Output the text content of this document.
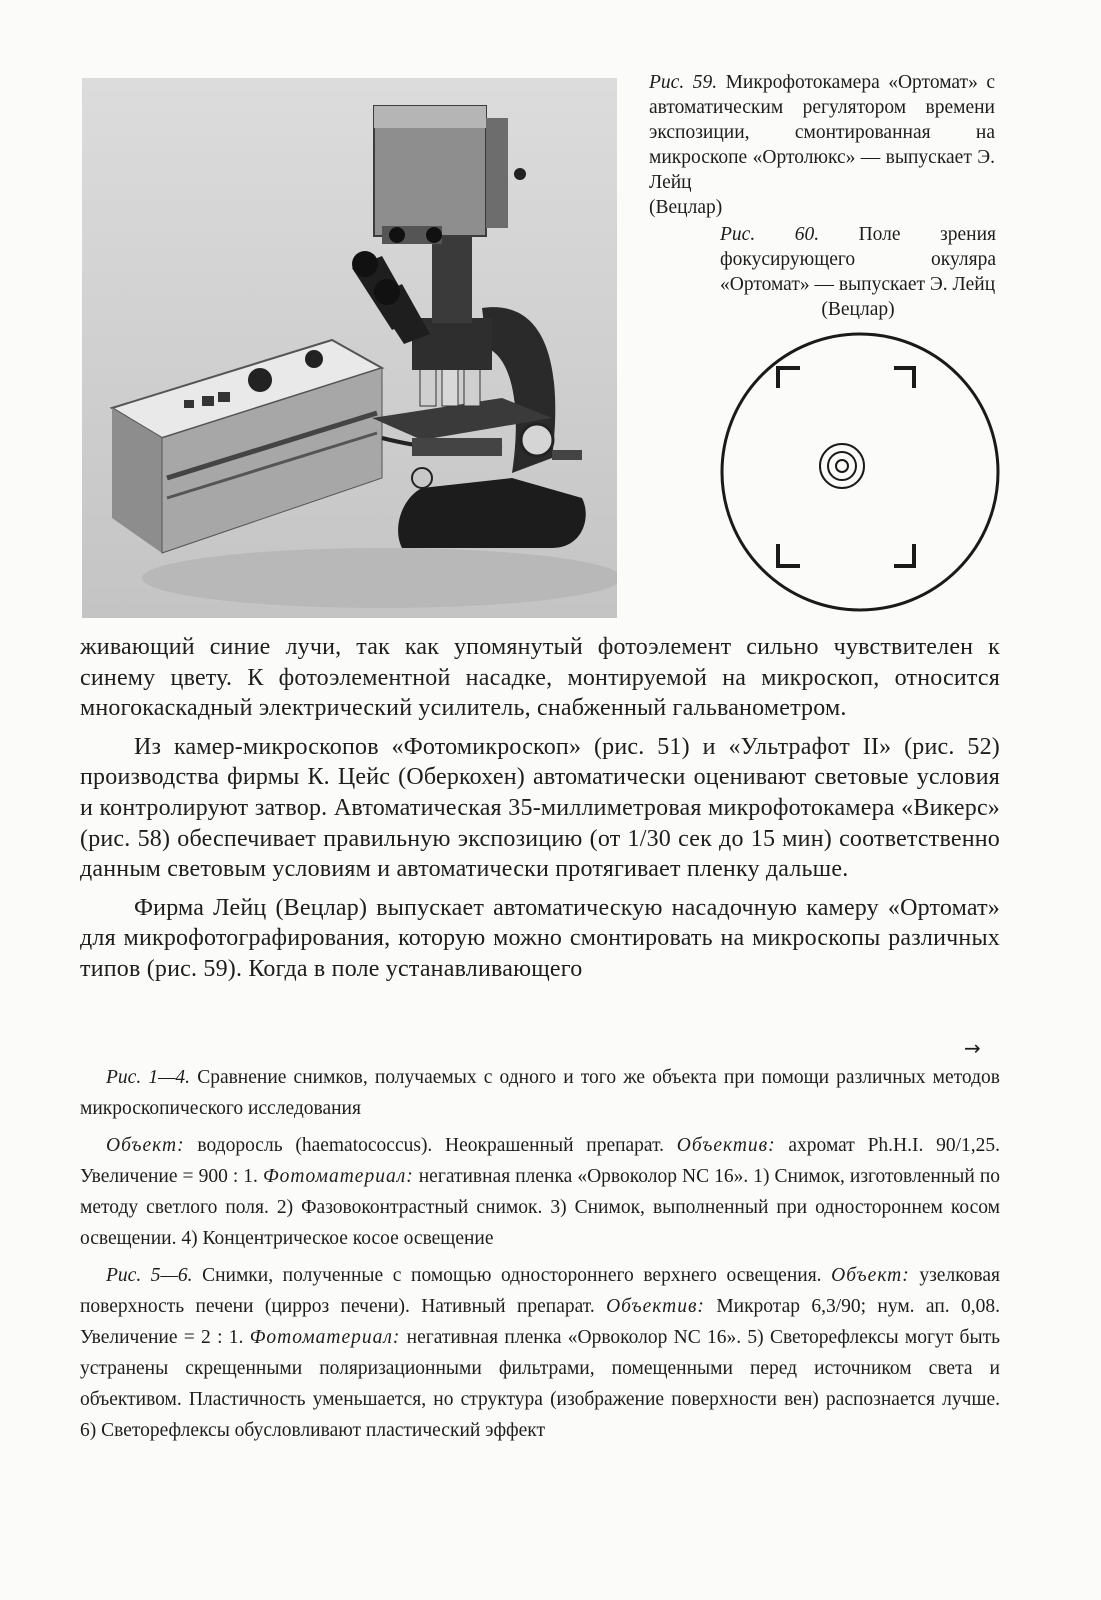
Рис. 59. Микрофотокамера «Ортомат» с автоматическим регулятором времени экспозиции, смонтированная на микроскопе «Ортолюкс» — выпускает Э. Лейц
(Вецлар)
Рис. 60. Поле зрения фокусирующего окуляра «Ортомат» — выпускает Э. Лейц
(Вецлар)

живающий синие лучи, так как упомянутый фотоэлемент сильно чувствителен к синему цвету. К фотоэлементной насадке, монтируемой на микроскоп, относится многокаскадный электрический усилитель, снабженный гальванометром.

Из камер-микроскопов «Фотомикроскоп» (рис. 51) и «Ультрафот II» (рис. 52) производства фирмы К. Цейс (Оберкохен) автоматически оценивают световые условия и контролируют затвор. Автоматическая 35-миллиметровая микрофотокамера «Викерс» (рис. 58) обеспечивает правильную экспозицию (от 1/30 сек до 15 мин) соответственно данным световым условиям и автоматически протягивает пленку дальше.

Фирма Лейц (Вецлар) выпускает автоматическую насадочную камеру «Ортомат» для микрофотографирования, которую можно смонтировать на микроскопы различных типов (рис. 59). Когда в поле устанавливающего

→

Рис. 1—4. Сравнение снимков, получаемых с одного и того же объекта при помощи различных методов микроскопического исследования

Объект: водоросль (haematococcus). Неокрашенный препарат. Объектив: ахромат Ph.H.I. 90/1,25. Увеличение = 900 : 1. Фотоматериал: негативная пленка «Орвоколор NC 16». 1) Снимок, изготовленный по методу светлого поля. 2) Фазовоконтрастный снимок. 3) Снимок, выполненный при одностороннем косом освещении. 4) Концентрическое косое освещение

Рис. 5—6. Снимки, полученные с помощью одностороннего верхнего освещения. Объект: узелковая поверхность печени (цирроз печени). Нативный препарат. Объектив: Микротар 6,3/90; нум. ап. 0,08. Увеличение = 2 : 1. Фотоматериал: негативная пленка «Орвоколор NC 16». 5) Светорефлексы могут быть устранены скрещенными поляризационными фильтрами, помещенными перед источником света и объективом. Пластичность уменьшается, но структура (изображение поверхности вен) распознается лучше. 6) Светорефлексы обусловливают пластический эффект
